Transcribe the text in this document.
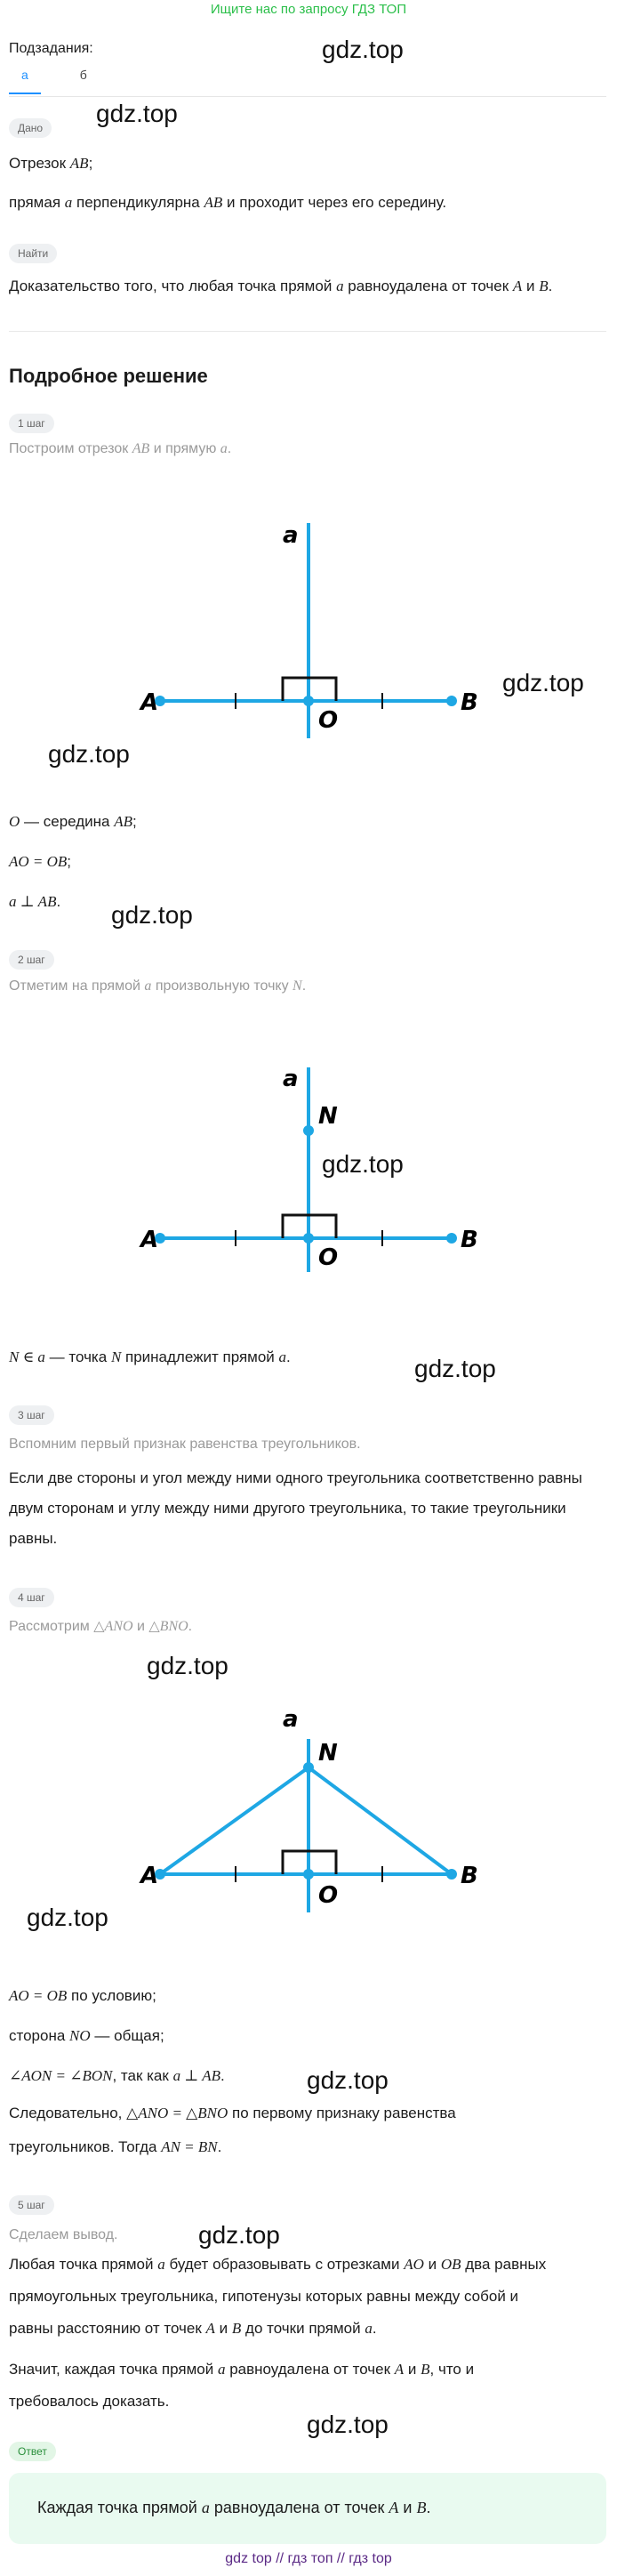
Ищите нас по запросу ГДЗ ТОП
Подзадания:
а	б
gdz.top
gdz.top
gdz.top
gdz.top
gdz.top
gdz.top
gdz.top
gdz.top
gdz.top
gdz.top
gdz.top
gdz.top
Дано
Отрезок AB;
прямая a перпендикулярна AB и проходит через его середину.
Найти
Доказательство того, что любая точка прямой a равноудалена от точек A и B.
Подробное решение
1 шаг
Построим отрезок AB и прямую a.
a
A	B
O
O — середина AB;
AO = OB;
a ⊥ AB.
2 шаг
Отметим на прямой a произвольную точку N.
a
N
A	B
O
N ∈ a — точка N принадлежит прямой a.
3 шаг
Вспомним первый признак равенства треугольников.
Если две стороны и угол между ними одного треугольника соответственно равны двум сторонам и углу между ними другого треугольника, то такие треугольники равны.
4 шаг
Рассмотрим △ANO и △BNO.
a
N
A	B
O
AO = OB по условию;
сторона NO — общая;
∠AON = ∠BON, так как a ⊥ AB.
Следовательно, △ANO = △BNO по первому признаку равенства
треугольников. Тогда AN = BN.
5 шаг
Сделаем вывод.
Любая точка прямой a будет образовывать с отрезками AO и OB два равных
прямоугольных треугольника, гипотенузы которых равны между собой и
равны расстоянию от точек A и B до точки прямой a.
Значит, каждая точка прямой a равноудалена от точек A и B, что и
требовалось доказать.
Ответ
Каждая точка прямой a равноудалена от точек A и B.
gdz top // гдз топ // гдз top
